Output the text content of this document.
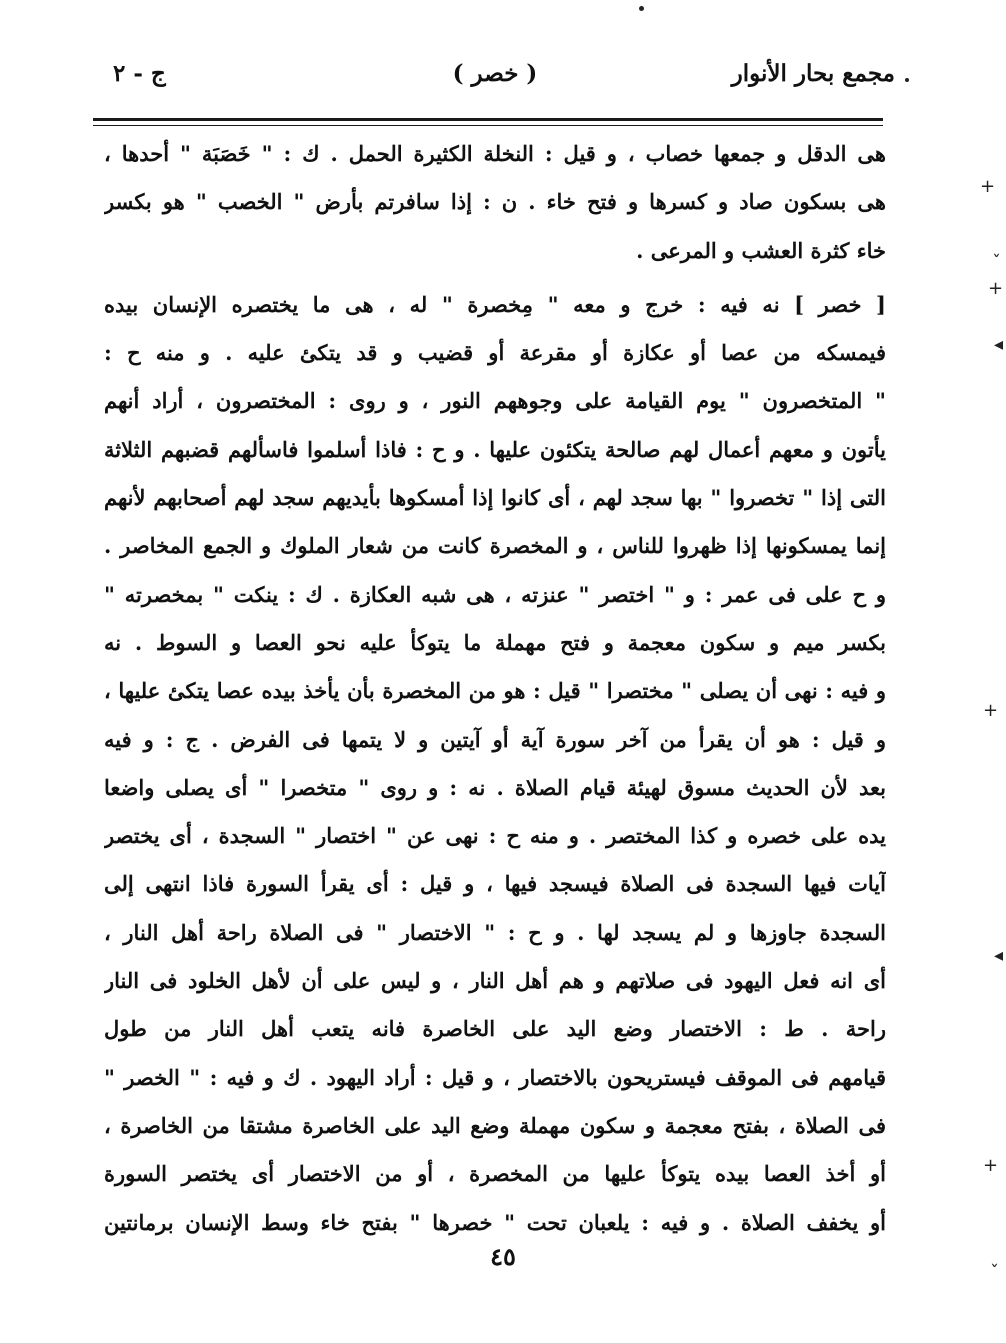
مجمع بحار الأنوار
( خصر )
ج - ٢
هى الدقل و جمعها خصاب ، و قيل : النخلة الكثيرة الحمل . ك : " خَصَبَة " أحدها ،
هى بسكون صاد و كسرها و فتح خاء . ن : إذا سافرتم بأرض " الخصب " هو بكسر
خاء كثرة العشب و المرعى .
[ خصر ] نه فيه : خرج و معه " مِخصرة " له ، هى ما يختصره الإنسان بيده
فيمسكه من عصا أو عكازة أو مقرعة أو قضيب و قد يتكئ عليه . و منه ح :
" المتخصرون " يوم القيامة على وجوههم النور ، و روى : المختصرون ، أراد أنهم
يأتون و معهم أعمال لهم صالحة يتكئون عليها . و ح : فاذا أسلموا فاسألهم قضبهم الثلاثة
التى إذا " تخصروا " بها سجد لهم ، أى كانوا إذا أمسكوها بأيديهم سجد لهم أصحابهم لأنهم
إنما يمسكونها إذا ظهروا للناس ، و المخصرة كانت من شعار الملوك و الجمع المخاصر .
و ح على فى عمر : و " اختصر " عنزته ، هى شبه العكازة . ك : ينكت " بمخصرته "
بكسر ميم و سكون معجمة و فتح مهملة ما يتوكأ عليه نحو العصا و السوط . نه
و فيه : نهى أن يصلى " مختصرا " قيل : هو من المخصرة بأن يأخذ بيده عصا يتكئ عليها ،
و قيل : هو أن يقرأ من آخر سورة آية أو آيتين و لا يتمها فى الفرض . ج : و فيه
بعد لأن الحديث مسوق لهيئة قيام الصلاة . نه : و روى " متخصرا " أى يصلى واضعا
يده على خصره و كذا المختصر . و منه ح : نهى عن " اختصار " السجدة ، أى يختصر
آيات فيها السجدة فى الصلاة فيسجد فيها ، و قيل : أى يقرأ السورة فاذا انتهى إلى
السجدة جاوزها و لم يسجد لها . و ح : " الاختصار " فى الصلاة راحة أهل النار ،
أى انه فعل اليهود فى صلاتهم و هم أهل النار ، و ليس على أن لأهل الخلود فى النار
راحة . ط : الاختصار وضع اليد على الخاصرة فانه يتعب أهل النار من طول
قيامهم فى الموقف فيستريحون بالاختصار ، و قيل : أراد اليهود . ك و فيه : " الخصر "
فى الصلاة ، بفتح معجمة و سكون مهملة وضع اليد على الخاصرة مشتقا من الخاصرة ،
أو أخذ العصا بيده يتوكأ عليها من المخصرة ، أو من الاختصار أى يختصر السورة
أو يخفف الصلاة . و فيه : يلعبان تحت " خصرها " بفتح خاء وسط الإنسان برمانتين
٤٥
+
+
+
+
ˇ
◂
◂
ˇ
